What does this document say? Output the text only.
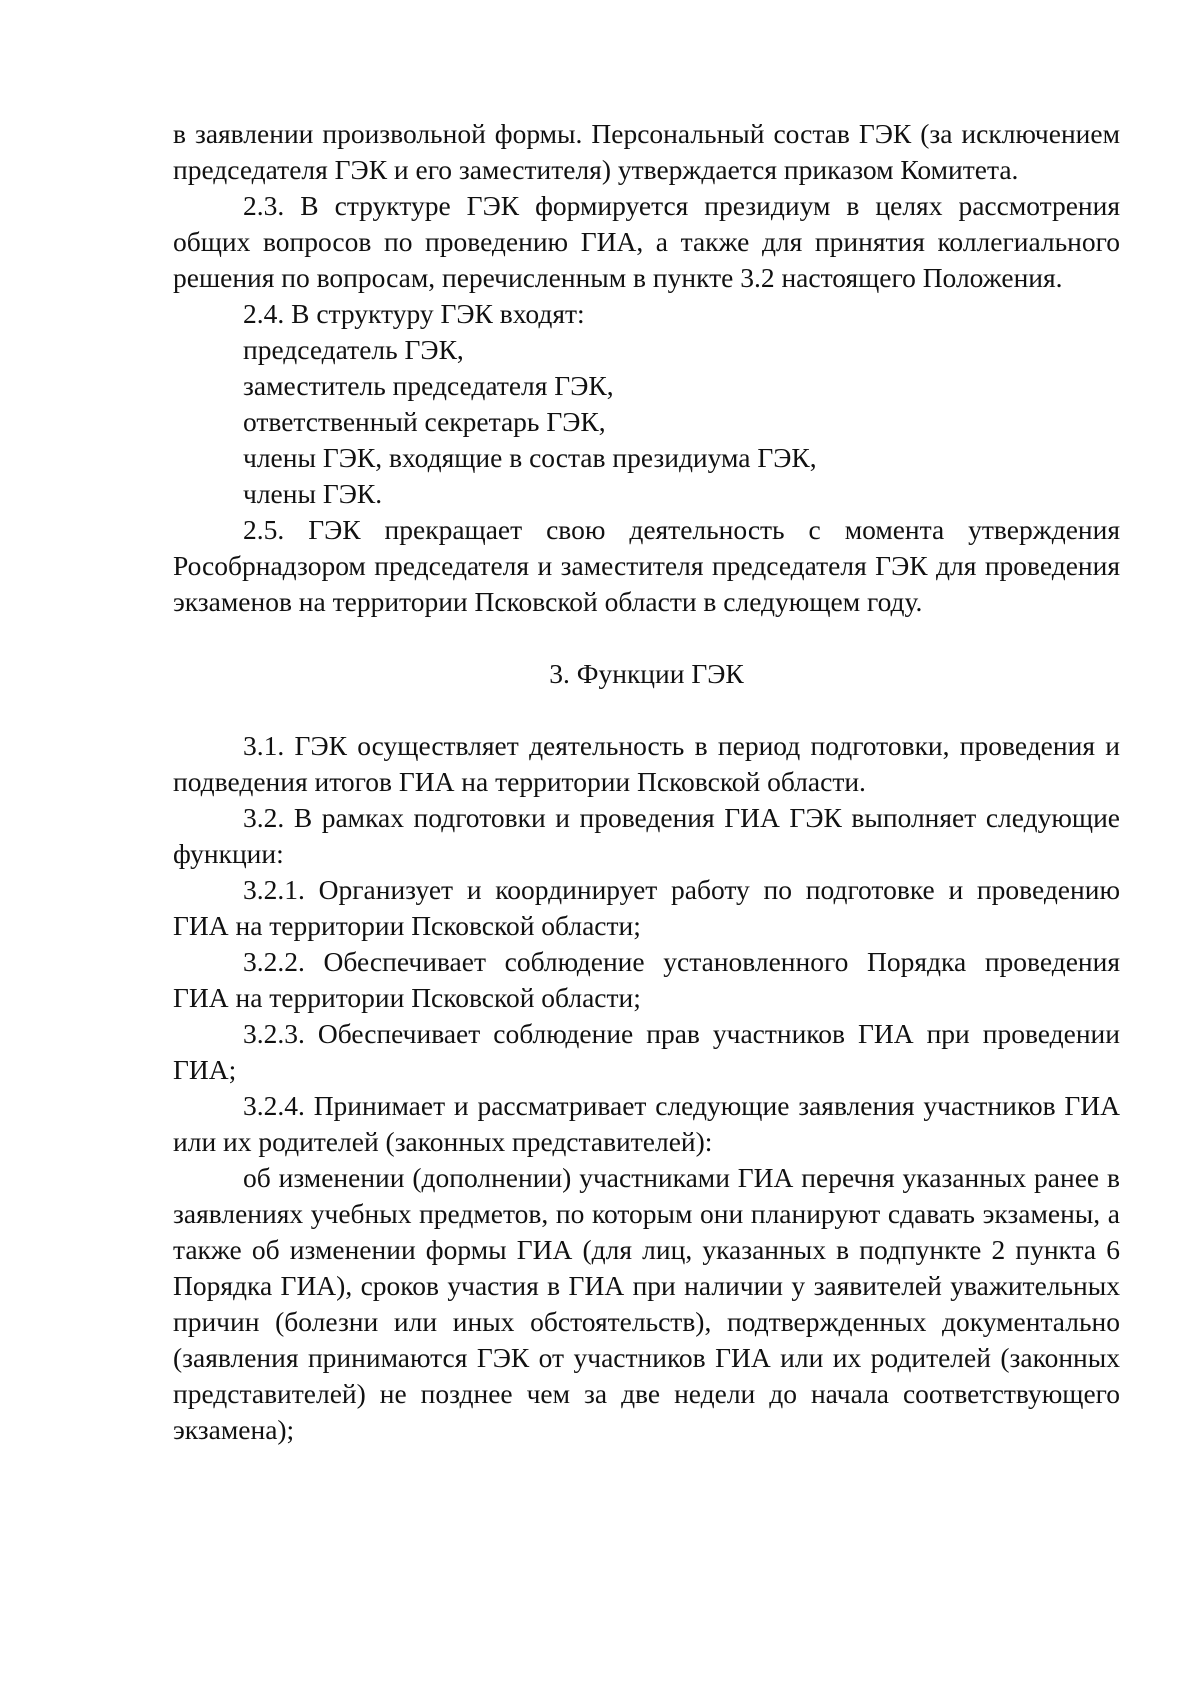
в заявлении произвольной формы. Персональный состав ГЭК (за исключением председателя ГЭК и его заместителя) утверждается приказом Комитета.

2.3. В структуре ГЭК формируется президиум в целях рассмотрения общих вопросов по проведению ГИА, а также для принятия коллегиального решения по вопросам, перечисленным в пункте 3.2 настоящего Положения.

2.4. В структуру ГЭК входят:

председатель ГЭК,

заместитель председателя ГЭК,

ответственный секретарь ГЭК,

члены ГЭК, входящие в состав президиума ГЭК,

члены ГЭК.

2.5. ГЭК прекращает свою деятельность с момента утверждения Рособрнадзором председателя и заместителя председателя ГЭК для проведения экзаменов на территории Псковской области в следующем году.

3. Функции ГЭК

3.1. ГЭК осуществляет деятельность в период подготовки, проведения и подведения итогов ГИА на территории Псковской области.

3.2. В рамках подготовки и проведения ГИА ГЭК выполняет следующие функции:

3.2.1. Организует и координирует работу по подготовке и проведению ГИА на территории Псковской области;

3.2.2. Обеспечивает соблюдение установленного Порядка проведения ГИА на территории Псковской области;

3.2.3. Обеспечивает соблюдение прав участников ГИА при проведении ГИА;

3.2.4. Принимает и рассматривает следующие заявления участников ГИА или их родителей (законных представителей):

об изменении (дополнении) участниками ГИА перечня указанных ранее в заявлениях учебных предметов, по которым они планируют сдавать экзамены, а также об изменении формы ГИА (для лиц, указанных в подпункте 2 пункта 6 Порядка ГИА), сроков участия в ГИА при наличии у заявителей уважительных причин (болезни или иных обстоятельств), подтвержденных документально (заявления принимаются ГЭК от участников ГИА или их родителей (законных представителей) не позднее чем за две недели до начала соответствующего экзамена);
